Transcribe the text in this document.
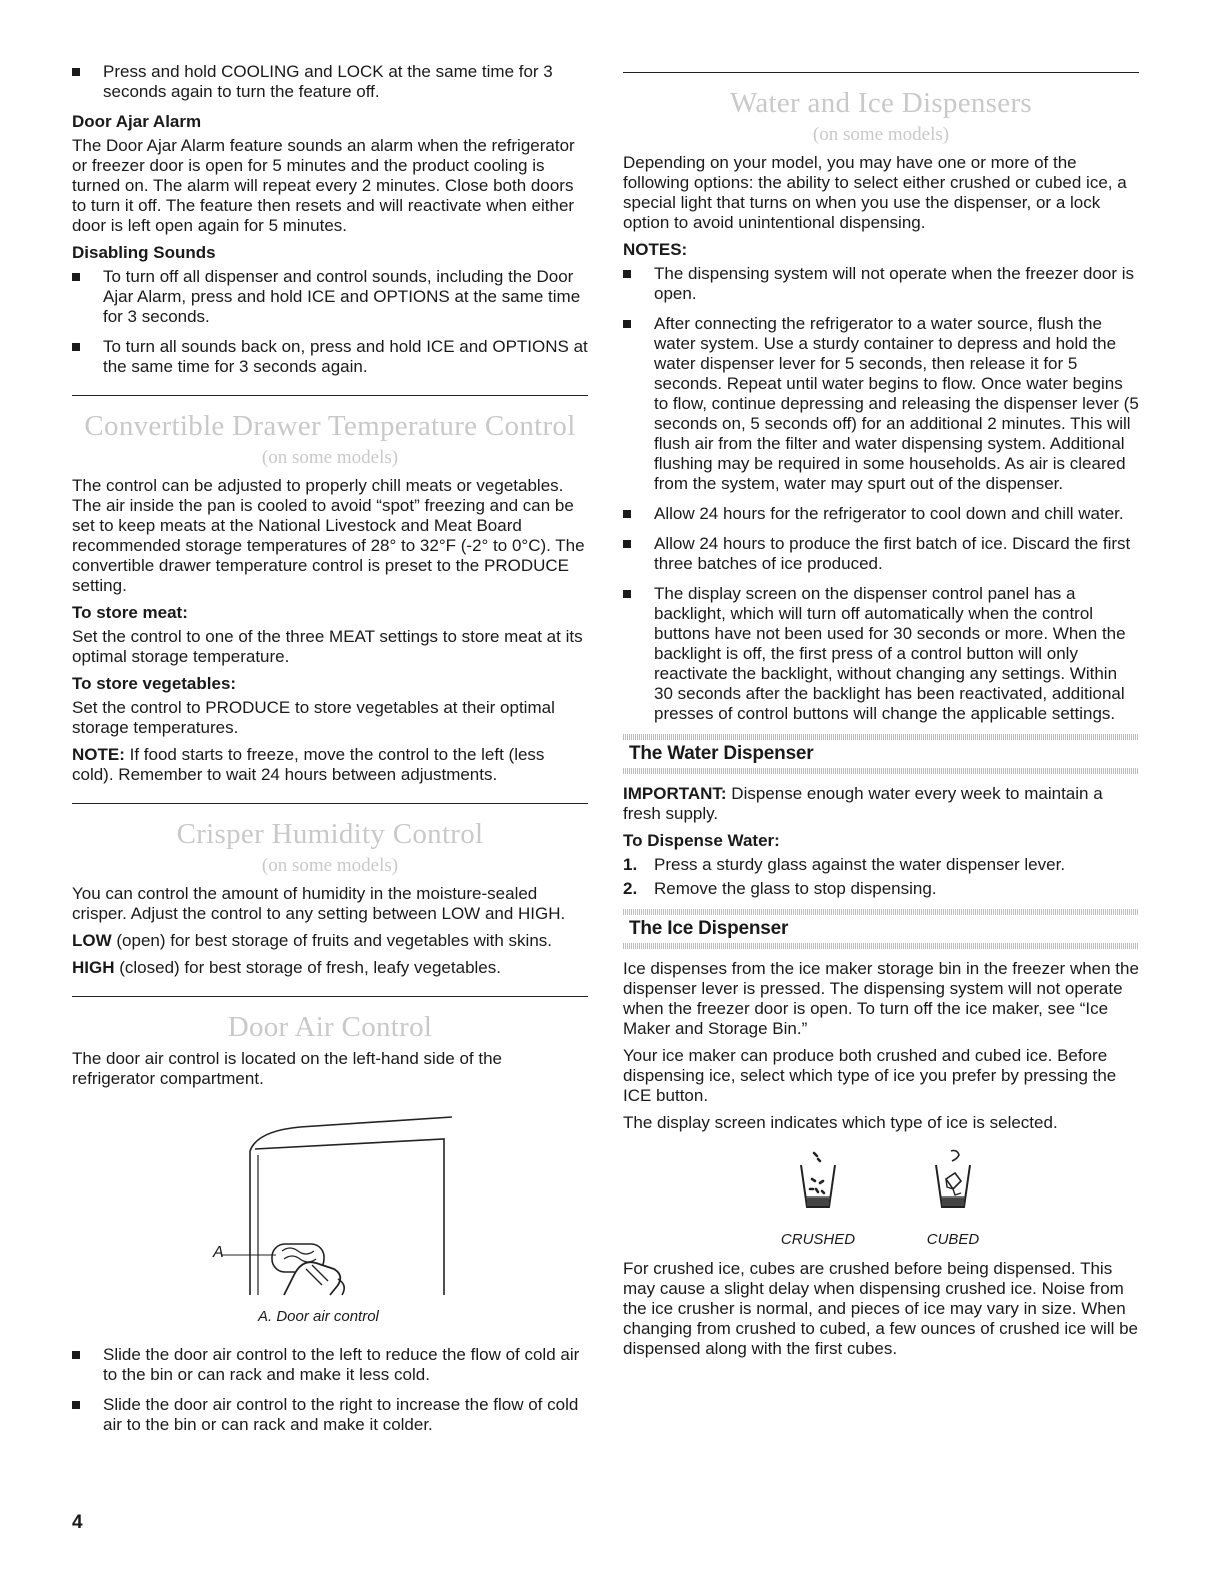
Press and hold COOLING and LOCK at the same time for 3 seconds again to turn the feature off.
Door Ajar Alarm

The Door Ajar Alarm feature sounds an alarm when the refrigerator or freezer door is open for 5 minutes and the product cooling is turned on. The alarm will repeat every 2 minutes. Close both doors to turn it off. The feature then resets and will reactivate when either door is left open again for 5 minutes.

Disabling Sounds
To turn off all dispenser and control sounds, including the Door Ajar Alarm, press and hold ICE and OPTIONS at the same time for 3 seconds.
To turn all sounds back on, press and hold ICE and OPTIONS at the same time for 3 seconds again.
Convertible Drawer Temperature Control
(on some models)

The control can be adjusted to properly chill meats or vegetables. The air inside the pan is cooled to avoid “spot” freezing and can be set to keep meats at the National Livestock and Meat Board recommended storage temperatures of 28° to 32°F (-2° to 0°C). The convertible drawer temperature control is preset to the PRODUCE setting.

To store meat:

Set the control to one of the three MEAT settings to store meat at its optimal storage temperature.

To store vegetables:

Set the control to PRODUCE to store vegetables at their optimal storage temperatures.

NOTE: If food starts to freeze, move the control to the left (less cold). Remember to wait 24 hours between adjustments.

Crisper Humidity Control
(on some models)

You can control the amount of humidity in the moisture-sealed crisper. Adjust the control to any setting between LOW and HIGH.

LOW (open) for best storage of fruits and vegetables with skins.

HIGH (closed) for best storage of fresh, leafy vegetables.

Door Air Control

The door air control is located on the left-hand side of the refrigerator compartment.

A
A. Door air control
Slide the door air control to the left to reduce the flow of cold air to the bin or can rack and make it less cold.
Slide the door air control to the right to increase the flow of cold air to the bin or can rack and make it colder.
Water and Ice Dispensers
(on some models)

Depending on your model, you may have one or more of the following options: the ability to select either crushed or cubed ice, a special light that turns on when you use the dispenser, or a lock option to avoid unintentional dispensing.

NOTES:
The dispensing system will not operate when the freezer door is open.
After connecting the refrigerator to a water source, flush the water system. Use a sturdy container to depress and hold the water dispenser lever for 5 seconds, then release it for 5 seconds. Repeat until water begins to flow. Once water begins to flow, continue depressing and releasing the dispenser lever (5 seconds on, 5 seconds off) for an additional 2 minutes. This will flush air from the filter and water dispensing system. Additional flushing may be required in some households. As air is cleared from the system, water may spurt out of the dispenser.
Allow 24 hours for the refrigerator to cool down and chill water.
Allow 24 hours to produce the first batch of ice. Discard the first three batches of ice produced.
The display screen on the dispenser control panel has a backlight, which will turn off automatically when the control buttons have not been used for 30 seconds or more. When the backlight is off, the first press of a control button will only reactivate the backlight, without changing any settings. Within 30 seconds after the backlight has been reactivated, additional presses of control buttons will change the applicable settings.
The Water Dispenser

IMPORTANT: Dispense enough water every week to maintain a fresh supply.

To Dispense Water:
1. Press a sturdy glass against the water dispenser lever.
2. Remove the glass to stop dispensing.
The Ice Dispenser

Ice dispenses from the ice maker storage bin in the freezer when the dispenser lever is pressed. The dispensing system will not operate when the freezer door is open. To turn off the ice maker, see “Ice Maker and Storage Bin.”

Your ice maker can produce both crushed and cubed ice. Before dispensing ice, select which type of ice you prefer by pressing the ICE button.

The display screen indicates which type of ice is selected.

CRUSHED	CUBED

For crushed ice, cubes are crushed before being dispensed. This may cause a slight delay when dispensing crushed ice. Noise from the ice crusher is normal, and pieces of ice may vary in size. When changing from crushed to cubed, a few ounces of crushed ice will be dispensed along with the first cubes.

4
